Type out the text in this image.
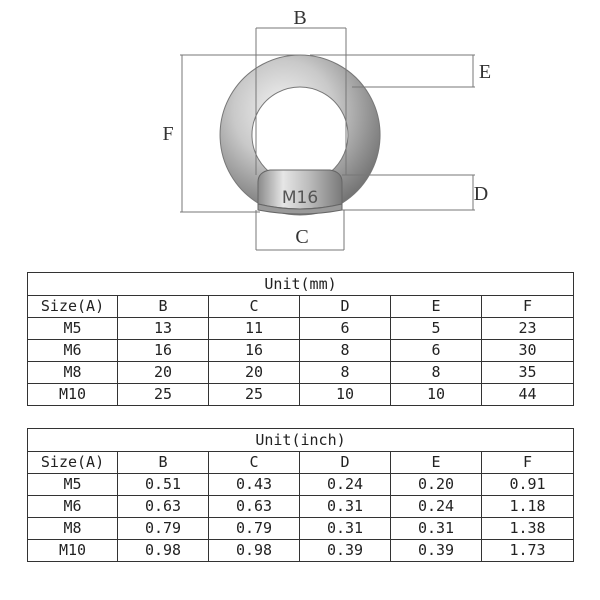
M16
B
C
F
E
D
Unit(mm)					
Size(A)	B	C	D	E	F
M5	13	11	6	5	23
M6	16	16	8	6	30
M8	20	20	8	8	35
M10	25	25	10	10	44
Unit(inch)					
Size(A)	B	C	D	E	F
M5	0.51	0.43	0.24	0.20	0.91
M6	0.63	0.63	0.31	0.24	1.18
M8	0.79	0.79	0.31	0.31	1.38
M10	0.98	0.98	0.39	0.39	1.73
